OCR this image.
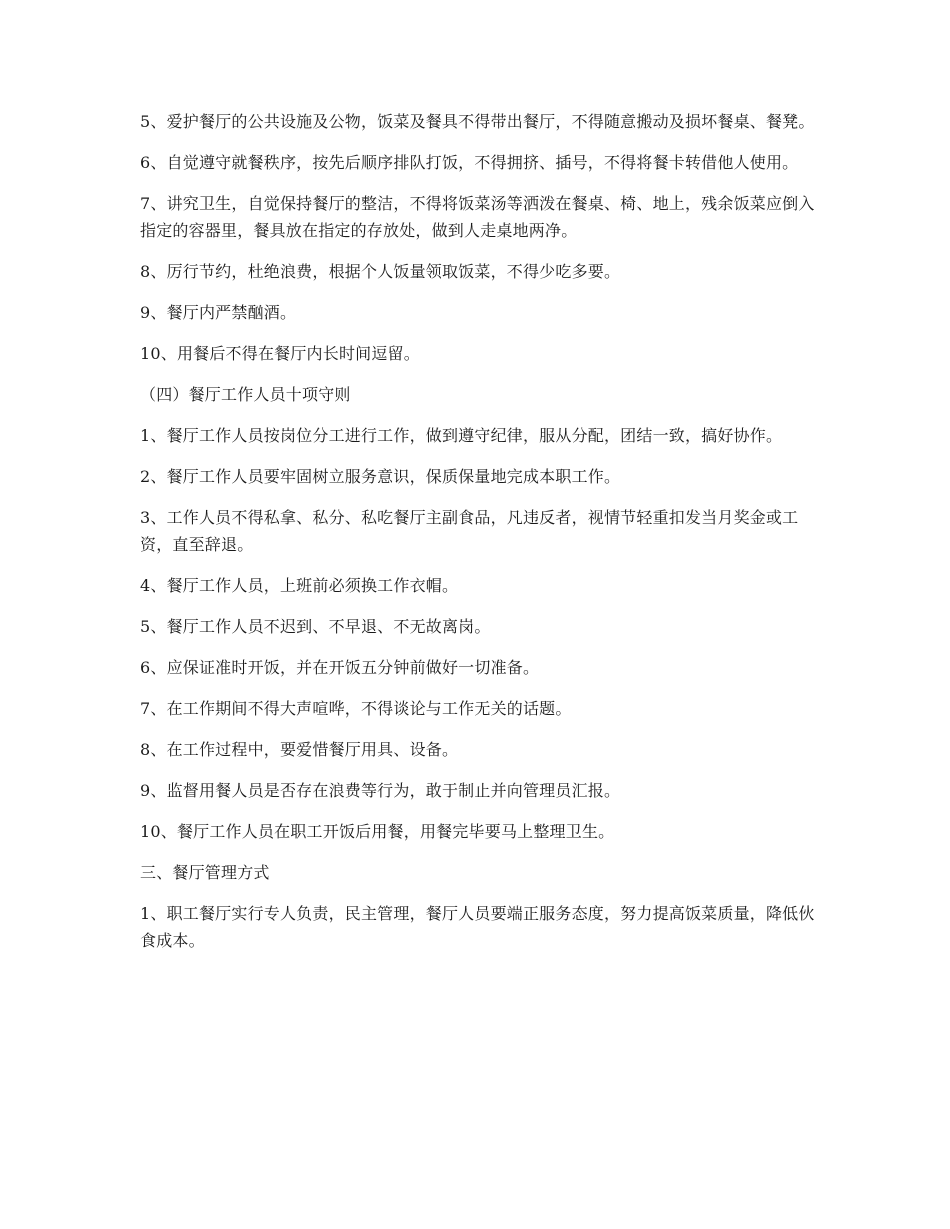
5、爱护餐厅的公共设施及公物，饭菜及餐具不得带出餐厅，不得随意搬动及损坏餐桌、餐凳。

6、自觉遵守就餐秩序，按先后顺序排队打饭，不得拥挤、插号，不得将餐卡转借他人使用。

7、讲究卫生，自觉保持餐厅的整洁，不得将饭菜汤等洒泼在餐桌、椅、地上，残余饭菜应倒入指定的容器里，餐具放在指定的存放处，做到人走桌地两净。

8、厉行节约，杜绝浪费，根据个人饭量领取饭菜，不得少吃多要。

9、餐厅内严禁酗酒。

10、用餐后不得在餐厅内长时间逗留。

（四）餐厅工作人员十项守则

1、餐厅工作人员按岗位分工进行工作，做到遵守纪律，服从分配，团结一致，搞好协作。

2、餐厅工作人员要牢固树立服务意识，保质保量地完成本职工作。

3、工作人员不得私拿、私分、私吃餐厅主副食品，凡违反者，视情节轻重扣发当月奖金或工资，直至辞退。

4、餐厅工作人员，上班前必须换工作衣帽。

5、餐厅工作人员不迟到、不早退、不无故离岗。

6、应保证准时开饭，并在开饭五分钟前做好一切准备。

7、在工作期间不得大声喧哗，不得谈论与工作无关的话题。

8、在工作过程中，要爱惜餐厅用具、设备。

9、监督用餐人员是否存在浪费等行为，敢于制止并向管理员汇报。

10、餐厅工作人员在职工开饭后用餐，用餐完毕要马上整理卫生。

三、餐厅管理方式

1、职工餐厅实行专人负责，民主管理，餐厅人员要端正服务态度，努力提高饭菜质量，降低伙食成本。
